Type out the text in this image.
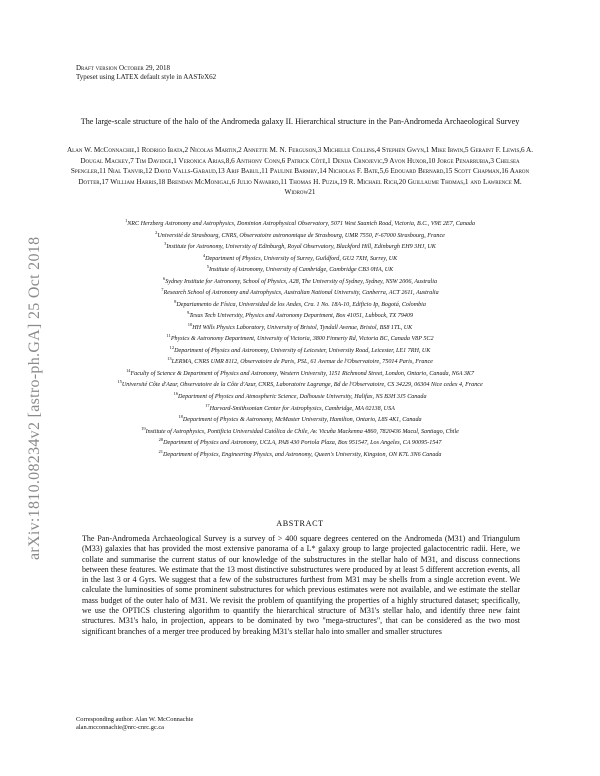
Draft version October 29, 2018
Typeset using LATEX default style in AASTeX62
arXiv:1810.08234v2 [astro-ph.GA] 25 Oct 2018
The large-scale structure of the halo of the Andromeda galaxy II. Hierarchical structure in the Pan-Andromeda Archaeological Survey
Alan W. McConnachie,1 Rodrigo Ibata,2 Nicolas Martin,2 Annette M. N. Ferguson,3 Michelle Collins,4 Stephen Gwyn,1 Mike Irwin,5 Geraint F. Lewis,6 A. Dougal Mackey,7 Tim Davidge,1 Veronica Arias,8,6 Anthony Conn,6 Patrick Côté,1 Denija Crnojevic,9 Avon Huxor,10 Jorge Penarrubia,3 Chelsea Spengler,11 Nial Tanvir,12 David Valls-Gabaud,13 Arif Babul,11 Pauline Barmby,14 Nicholas F. Bate,5,6 Edouard Bernard,15 Scott Chapman,16 Aaron Dotter,17 William Harris,18 Brendan McMonigal,6 Julio Navarro,11 Thomas H. Puzia,19 R. Michael Rich,20 Guillaume Thomas,1 and Lawrence M. Widrow21

$^1$NRC Herzberg Astronomy and Astrophysics, Dominion Astrophysical Observatory, 5071 West Saanich Road, Victoria, B.C., V9E 2E7, Canada

$^2$Université de Strasbourg, CNRS, Observatoire astronomique de Strasbourg, UMR 7550, F-67000 Strasbourg, France

$^3$Institute for Astronomy, University of Edinburgh, Royal Observatory, Blackford Hill, Edinburgh EH9 3HJ, UK

$^4$Department of Physics, University of Surrey, Guildford, GU2 7XH, Surrey, UK

$^5$Institute of Astronomy, University of Cambridge, Cambridge CB3 0HA, UK

$^6$Sydney Institute for Astronomy, School of Physics, A28, The University of Sydney, Sydney, NSW 2006, Australia

$^7$Research School of Astronomy and Astrophysics, Australian National University, Canberra, ACT 2611, Australia

$^8$Departamento de Física, Universidad de los Andes, Cra. 1 No. 18A-10, Edificio Ip, Bogotá, Colombia

$^9$Texas Tech University, Physics and Astronomy Department, Box 41051, Lubbock, TX 79409

$^{10}$HH Wills Physics Laboratory, University of Bristol, Tyndall Avenue, Bristol, BS8 1TL, UK

$^{11}$Physics & Astronomy Department, University of Victoria, 3800 Finnerty Rd, Victoria BC, Canada V8P 5C2

$^{12}$Department of Physics and Astronomy, University of Leicester, University Road, Leicester, LE1 7RH, UK

$^{13}$LERMA, CNRS UMR 8112, Observatoire de Paris, PSL, 61 Avenue de l'Observatoire, 75014 Paris, France

$^{14}$Faculty of Science & Department of Physics and Astronomy, Western University, 1151 Richmond Street, London, Ontario, Canada, N6A 3K7

$^{15}$Université Côte d'Azur, Observatoire de la Côte d'Azur, CNRS, Laboratoire Lagrange, Bd de l'Observatoire, CS 34229, 06304 Nice cedex 4, France

$^{16}$Department of Physics and Atmospheric Science, Dalhousie University, Halifax, NS B3H 3J5 Canada

$^{17}$Harvard-Smithsonian Center for Astrophysics, Cambridge, MA 02138, USA

$^{18}$Department of Physics & Astronomy, McMaster University, Hamilton, Ontario, L8S 4K1, Canada

$^{19}$Institute of Astrophysics, Pontificia Universidad Católica de Chile, Av. Vicuña Mackenna 4860, 7820436 Macul, Santiago, Chile

$^{20}$Department of Physics and Astronomy, UCLA, PAB 430 Portola Plaza, Box 951547, Los Angeles, CA 90095-1547

$^{21}$Department of Physics, Engineering Physics, and Astronomy, Queen's University, Kingston, ON K7L 3N6 Canada

ABSTRACT
The Pan-Andromeda Archaeological Survey is a survey of > 400 square degrees centered on the Andromeda (M31) and Triangulum (M33) galaxies that has provided the most extensive panorama of a L* galaxy group to large projected galactocentric radii. Here, we collate and summarise the current status of our knowledge of the substructures in the stellar halo of M31, and discuss connections between these features. We estimate that the 13 most distinctive substructures were produced by at least 5 different accretion events, all in the last 3 or 4 Gyrs. We suggest that a few of the substructures furthest from M31 may be shells from a single accretion event. We calculate the luminosities of some prominent substructures for which previous estimates were not available, and we estimate the stellar mass budget of the outer halo of M31. We revisit the problem of quantifying the properties of a highly structured dataset; specifically, we use the OPTICS clustering algorithm to quantify the hierarchical structure of M31's stellar halo, and identify three new faint structures. M31's halo, in projection, appears to be dominated by two "mega-structures", that can be considered as the two most significant branches of a merger tree produced by breaking M31's stellar halo into smaller and smaller structures
Corresponding author: Alan W. McConnachie
alan.mcconnachie@nrc-cnrc.gc.ca
